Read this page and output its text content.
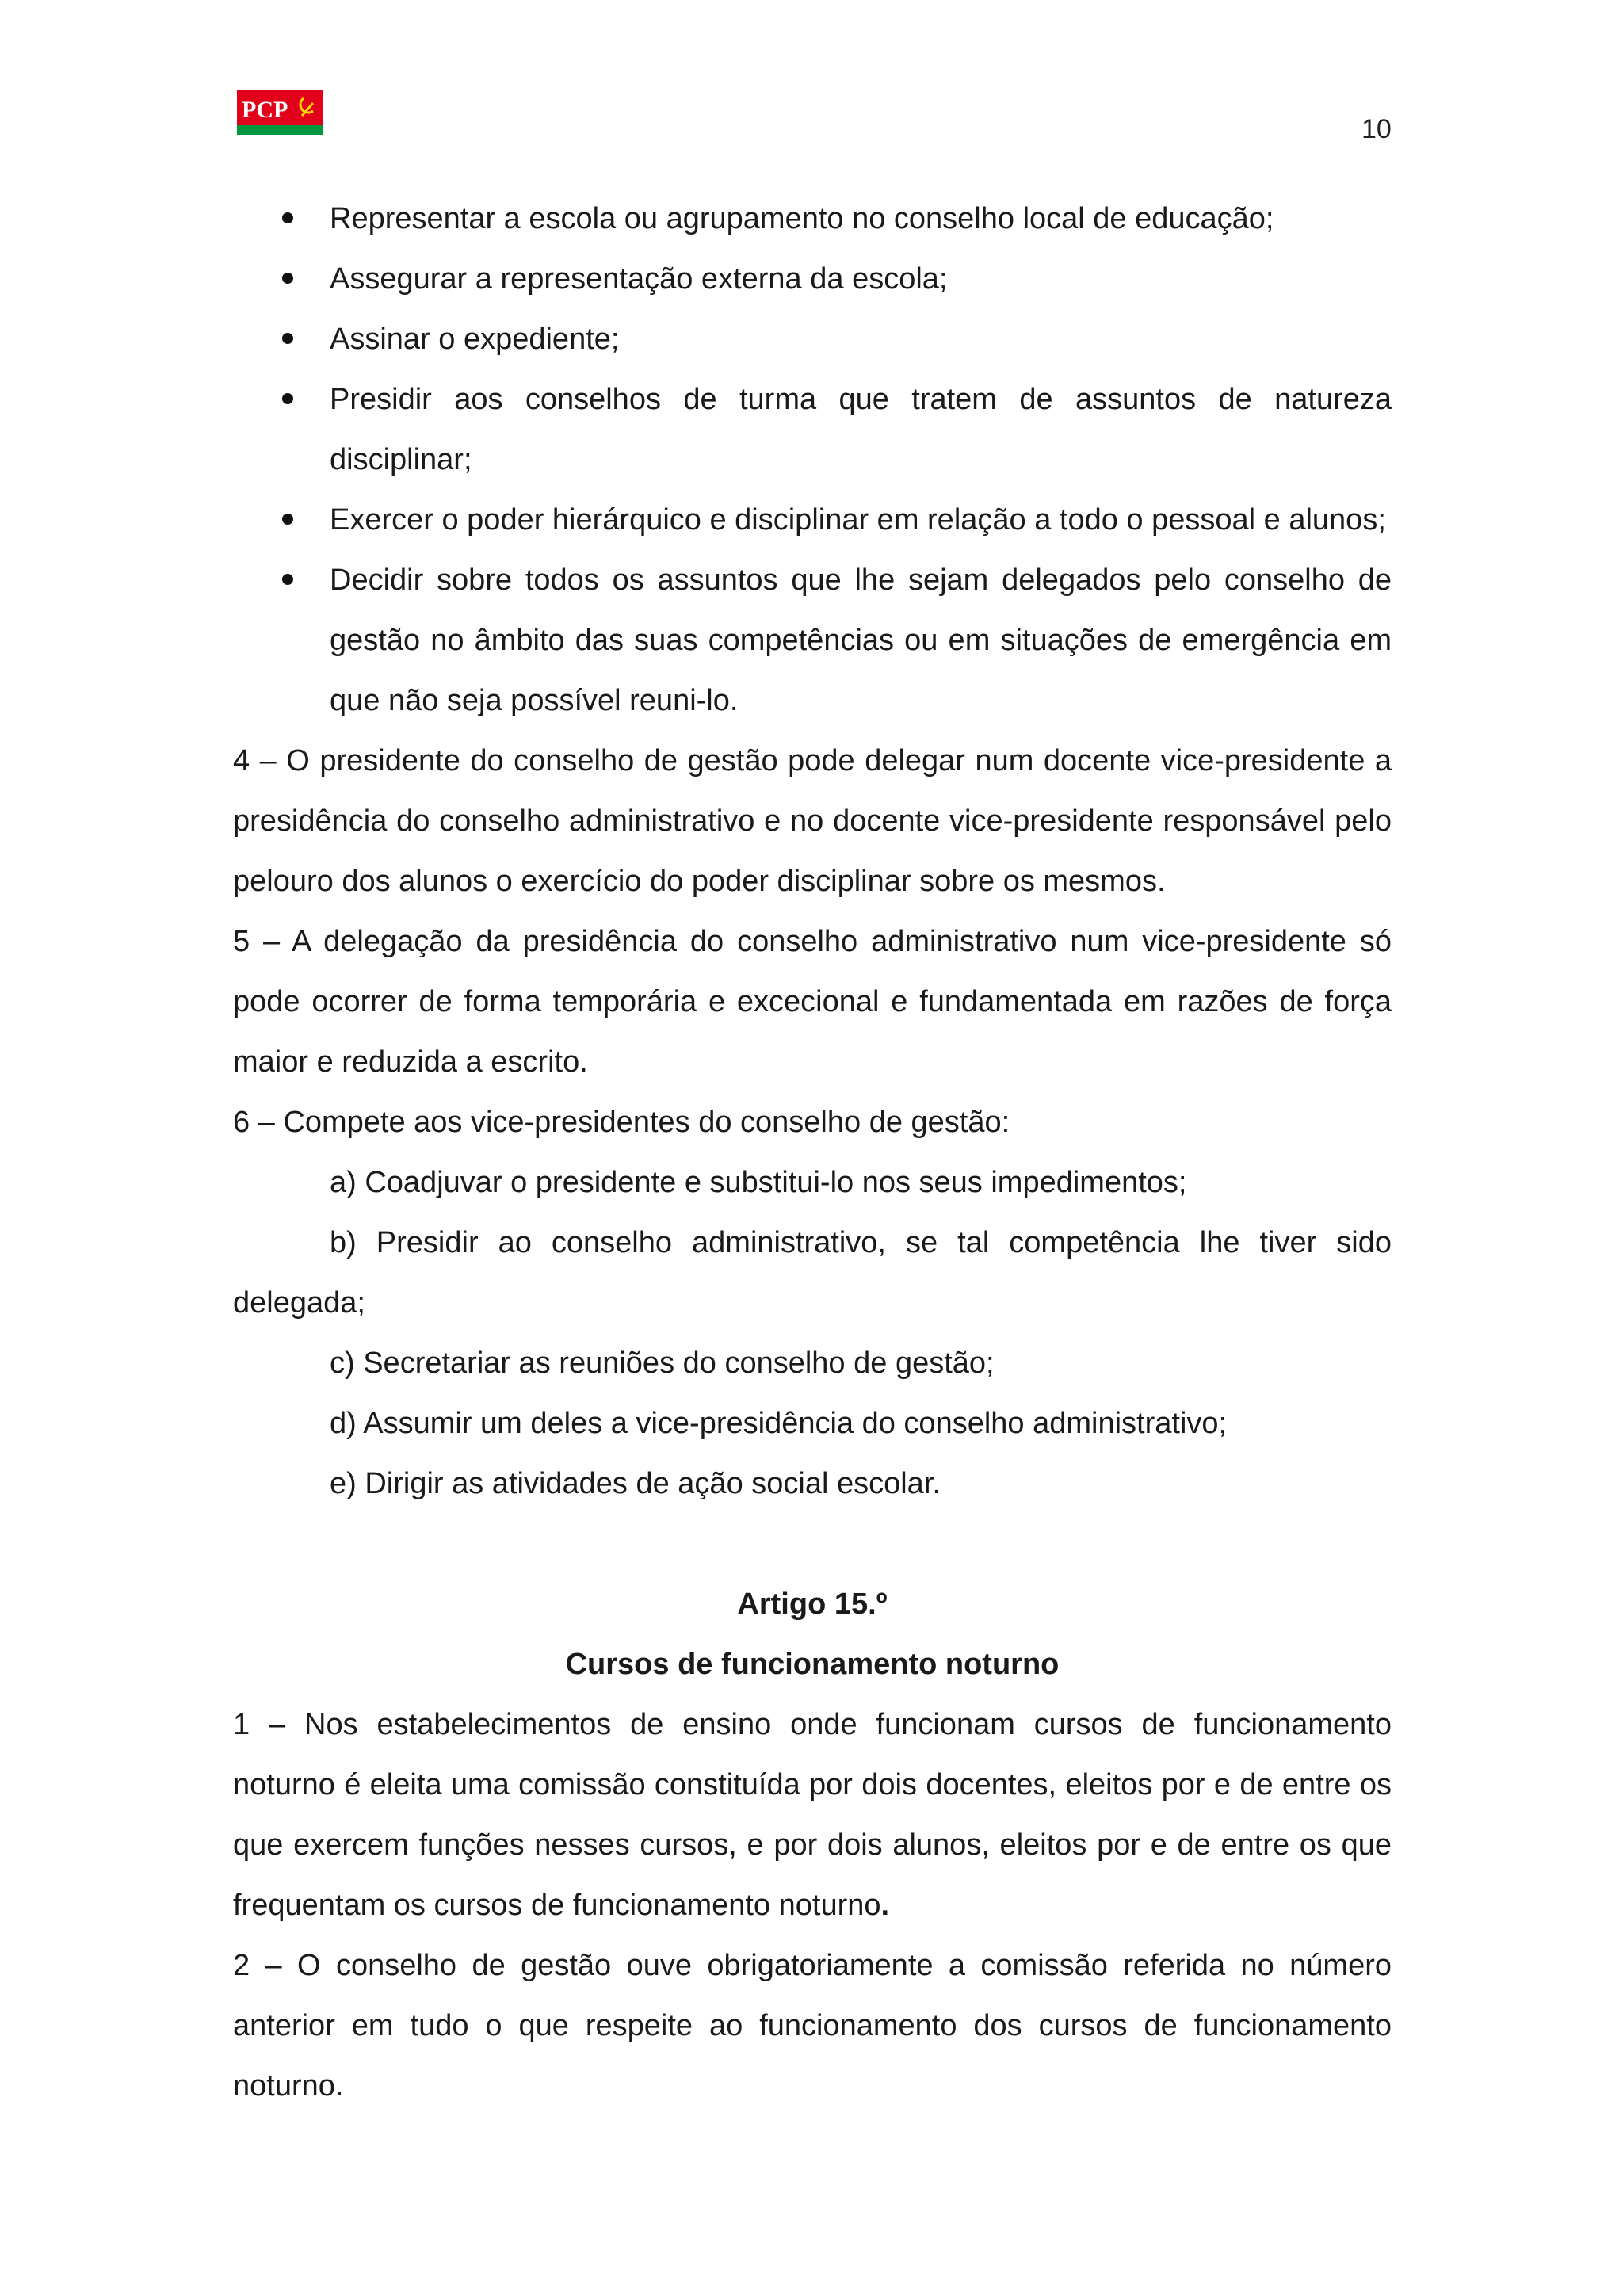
PCP
10
Representar a escola ou agrupamento no conselho local de educação;
Assegurar a representação externa da escola;
Assinar o expediente;
Presidir aos conselhos de turma que tratem de assuntos de natureza disciplinar;
Exercer o poder hierárquico e disciplinar em relação a todo o pessoal e alunos;
Decidir sobre todos os assuntos que lhe sejam delegados pelo conselho de gestão no âmbito das suas competências ou em situações de emergência em que não seja possível reuni-lo.

4 – O presidente do conselho de gestão pode delegar num docente vice-presidente a presidência do conselho administrativo e no docente vice-presidente responsável pelo pelouro dos alunos o exercício do poder disciplinar sobre os mesmos.

5 – A delegação da presidência do conselho administrativo num vice-presidente só pode ocorrer de forma temporária e excecional e fundamentada em razões de força maior e reduzida a escrito.

6 – Compete aos vice-presidentes do conselho de gestão:

a) Coadjuvar o presidente e substitui-lo nos seus impedimentos;

b) Presidir ao conselho administrativo, se tal competência lhe tiver sido delegada;

c) Secretariar as reuniões do conselho de gestão;

d) Assumir um deles a vice-presidência do conselho administrativo;

e) Dirigir as atividades de ação social escolar.

Artigo 15.º

Cursos de funcionamento noturno

1 – Nos estabelecimentos de ensino onde funcionam cursos de funcionamento noturno é eleita uma comissão constituída por dois docentes, eleitos por e de entre os que exercem funções nesses cursos, e por dois alunos, eleitos por e de entre os que frequentam os cursos de funcionamento noturno.

2 – O conselho de gestão ouve obrigatoriamente a comissão referida no número anterior em tudo o que respeite ao funcionamento dos cursos de funcionamento noturno.
